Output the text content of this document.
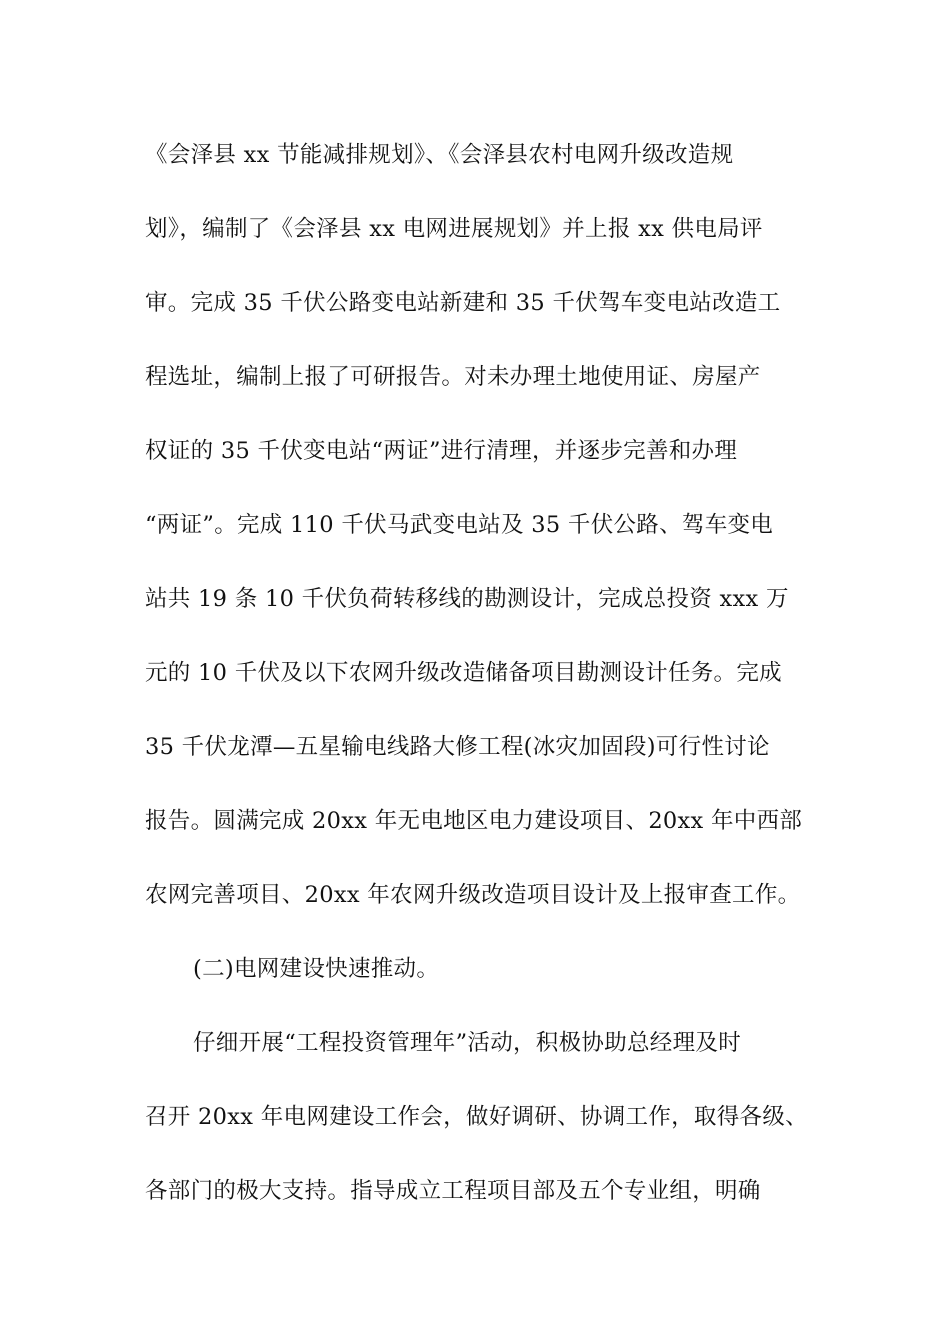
《会泽县 xx 节能减排规划》、《会泽县农村电网升级改造规
划》，编制了《会泽县 xx 电网进展规划》并上报 xx 供电局评
审。完成 35 千伏公路变电站新建和 35 千伏驾车变电站改造工
程选址，编制上报了可研报告。对未办理土地使用证、房屋产
权证的 35 千伏变电站“两证”进行清理，并逐步完善和办理
“两证”。完成 110 千伏马武变电站及 35 千伏公路、驾车变电
站共 19 条 10 千伏负荷转移线的勘测设计，完成总投资 xxx 万
元的 10 千伏及以下农网升级改造储备项目勘测设计任务。完成
35 千伏龙潭—五星输电线路大修工程(冰灾加固段)可行性讨论
报告。圆满完成 20xx 年无电地区电力建设项目、20xx 年中西部
农网完善项目、20xx 年农网升级改造项目设计及上报审查工作。
(二)电网建设快速推动。
仔细开展“工程投资管理年”活动，积极协助总经理及时
召开 20xx 年电网建设工作会，做好调研、协调工作，取得各级、
各部门的极大支持。指导成立工程项目部及五个专业组，明确
